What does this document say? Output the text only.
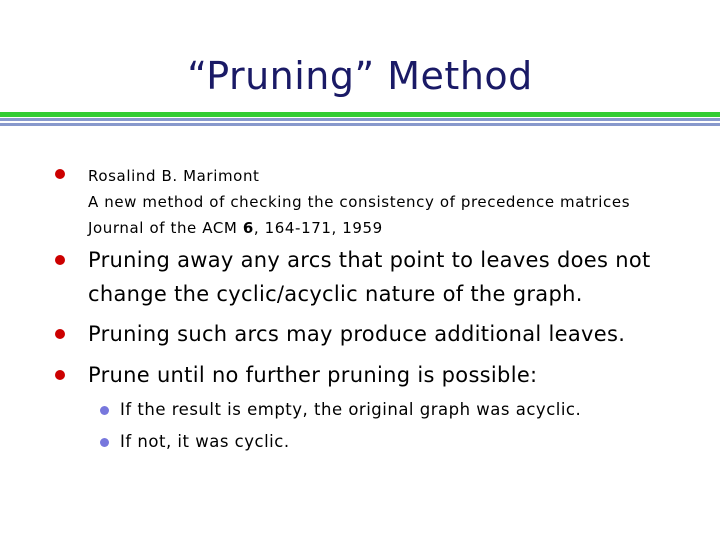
“Pruning” Method
Rosalind B. Marimont
A new method of checking the consistency of precedence matrices
Journal of the ACM 6, 164-171, 1959
Pruning away any arcs that point to leaves does not
change the cyclic/acyclic nature of the graph.
Pruning such arcs may produce additional leaves.
Prune until no further pruning is possible:
If the result is empty, the original graph was acyclic.
If not, it was cyclic.
